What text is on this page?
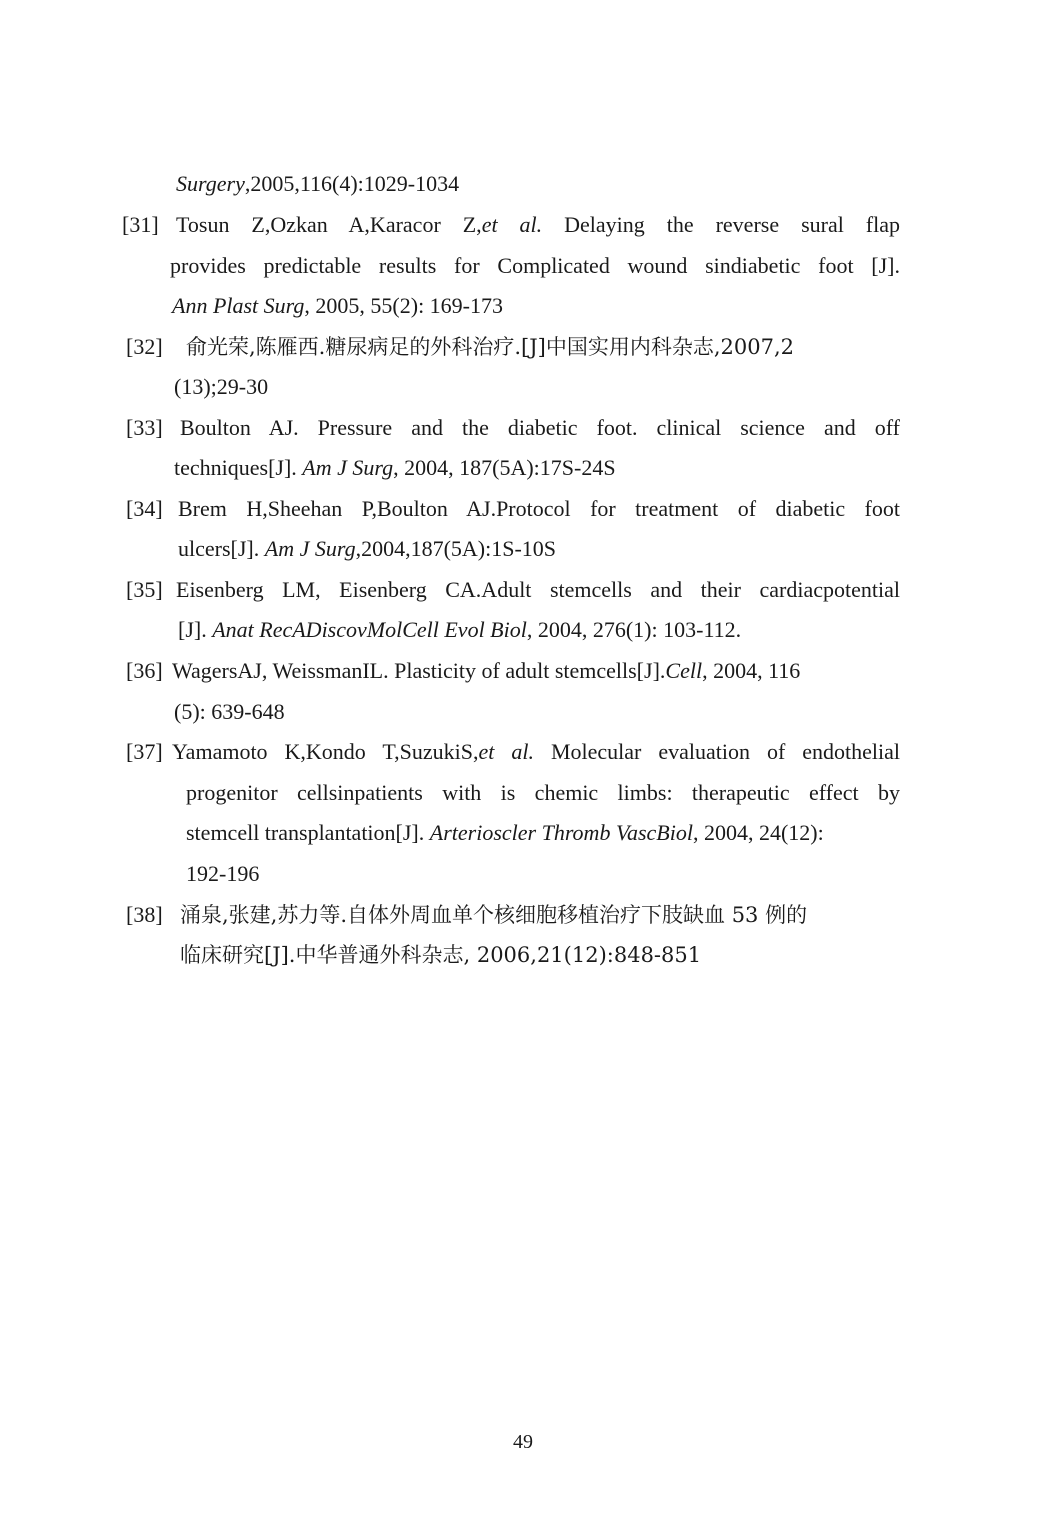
Surgery,2005,116(4):1029-1034
[31] Tosun Z,Ozkan A,Karacor Z,et al. Delaying the reverse sural flap
provides predictable results for Complicated wound sindiabetic foot [J].
Ann Plast Surg, 2005, 55(2): 169-173
[32] 俞光荣,陈雁西.糖尿病足的外科治疗.[J]中国实用内科杂志,2007,2
(13);29-30
[33] Boulton AJ. Pressure and the diabetic foot. clinical science and off
techniques[J]. Am J Surg, 2004, 187(5A):17S-24S
[34] Brem H,Sheehan P,Boulton AJ.Protocol for treatment of diabetic foot
ulcers[J]. Am J Surg,2004,187(5A):1S-10S
[35] Eisenberg LM, Eisenberg CA.Adult stemcells and their cardiacpotential
[J]. Anat RecADiscovMolCell Evol Biol, 2004, 276(1): 103-112.
[36] WagersAJ, WeissmanIL. Plasticity of adult stemcells[J].Cell, 2004, 116
(5): 639-648
[37] Yamamoto K,Kondo T,SuzukiS,et al. Molecular evaluation of endothelial
progenitor cellsinpatients with is chemic limbs: therapeutic effect by
stemcell transplantation[J]. Arterioscler Thromb VascBiol, 2004, 24(12):
192-196
[38] 涌泉,张建,苏力等.自体外周血单个核细胞移植治疗下肢缺血 53 例的
临床研究[J].中华普通外科杂志, 2006,21(12):848-851
49
